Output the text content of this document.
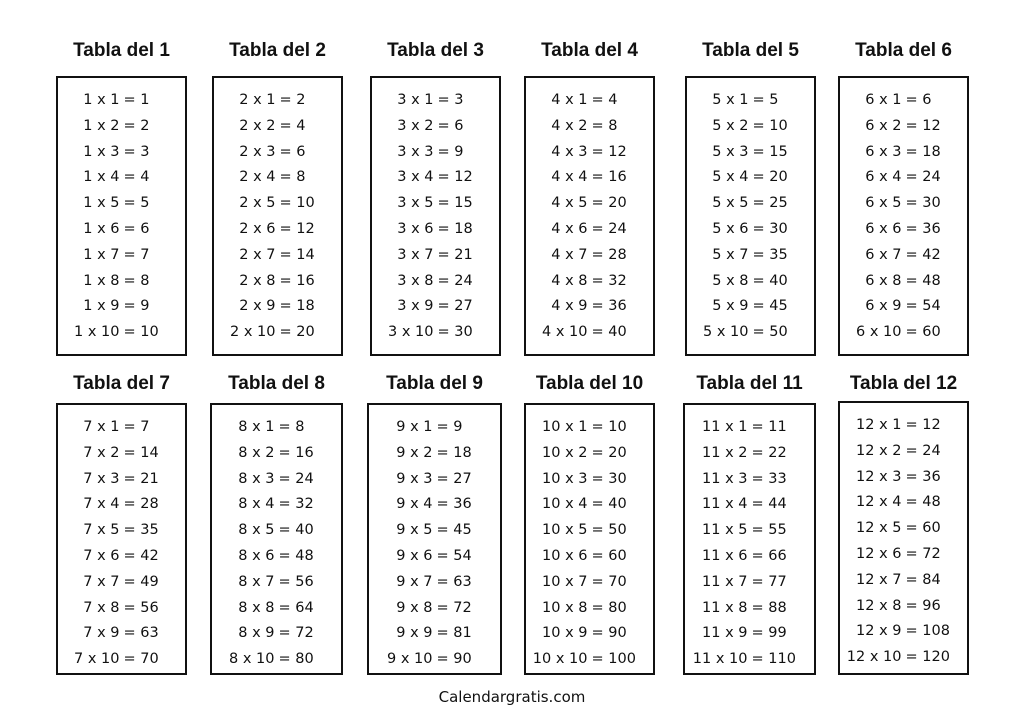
Tabla del 1
1 x 1 = 1
1 x 2 = 2
1 x 3 = 3
1 x 4 = 4
1 x 5 = 5
1 x 6 = 6
1 x 7 = 7
1 x 8 = 8
1 x 9 = 9
1 x 10 = 10
Tabla del 2
2 x 1 = 2
2 x 2 = 4
2 x 3 = 6
2 x 4 = 8
2 x 5 = 10
2 x 6 = 12
2 x 7 = 14
2 x 8 = 16
2 x 9 = 18
2 x 10 = 20
Tabla del 3
3 x 1 = 3
3 x 2 = 6
3 x 3 = 9
3 x 4 = 12
3 x 5 = 15
3 x 6 = 18
3 x 7 = 21
3 x 8 = 24
3 x 9 = 27
3 x 10 = 30
Tabla del 4
4 x 1 = 4
4 x 2 = 8
4 x 3 = 12
4 x 4 = 16
4 x 5 = 20
4 x 6 = 24
4 x 7 = 28
4 x 8 = 32
4 x 9 = 36
4 x 10 = 40
Tabla del 5
5 x 1 = 5
5 x 2 = 10
5 x 3 = 15
5 x 4 = 20
5 x 5 = 25
5 x 6 = 30
5 x 7 = 35
5 x 8 = 40
5 x 9 = 45
5 x 10 = 50
Tabla del 6
6 x 1 = 6
6 x 2 = 12
6 x 3 = 18
6 x 4 = 24
6 x 5 = 30
6 x 6 = 36
6 x 7 = 42
6 x 8 = 48
6 x 9 = 54
6 x 10 = 60
Tabla del 7
7 x 1 = 7
7 x 2 = 14
7 x 3 = 21
7 x 4 = 28
7 x 5 = 35
7 x 6 = 42
7 x 7 = 49
7 x 8 = 56
7 x 9 = 63
7 x 10 = 70
Tabla del 8
8 x 1 = 8
8 x 2 = 16
8 x 3 = 24
8 x 4 = 32
8 x 5 = 40
8 x 6 = 48
8 x 7 = 56
8 x 8 = 64
8 x 9 = 72
8 x 10 = 80
Tabla del 9
9 x 1 = 9
9 x 2 = 18
9 x 3 = 27
9 x 4 = 36
9 x 5 = 45
9 x 6 = 54
9 x 7 = 63
9 x 8 = 72
9 x 9 = 81
9 x 10 = 90
Tabla del 10
10 x 1 = 10
10 x 2 = 20
10 x 3 = 30
10 x 4 = 40
10 x 5 = 50
10 x 6 = 60
10 x 7 = 70
10 x 8 = 80
10 x 9 = 90
10 x 10 = 100
Tabla del 11
11 x 1 = 11
11 x 2 = 22
11 x 3 = 33
11 x 4 = 44
11 x 5 = 55
11 x 6 = 66
11 x 7 = 77
11 x 8 = 88
11 x 9 = 99
11 x 10 = 110
Tabla del 12
12 x 1 = 12
12 x 2 = 24
12 x 3 = 36
12 x 4 = 48
12 x 5 = 60
12 x 6 = 72
12 x 7 = 84
12 x 8 = 96
12 x 9 = 108
12 x 10 = 120
Calendargratis.com
